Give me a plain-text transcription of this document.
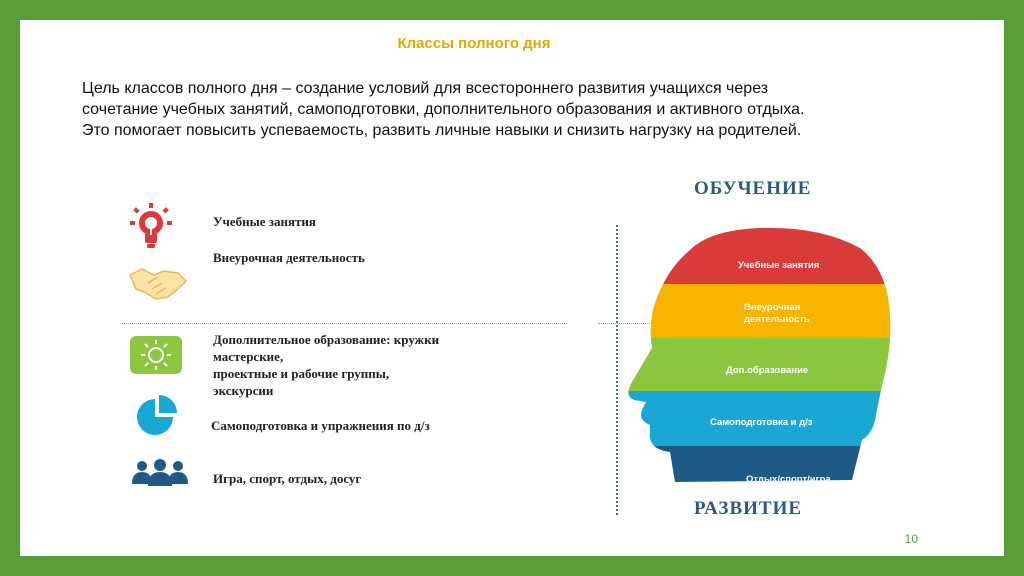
Классы полного дня

Цель классов полного дня – создание условий для всестороннего развития учащихся через

сочетание учебных занятий, самоподготовки, дополнительного образования и активного отдыха.

Это помогает повысить успеваемость, развить личные навыки и снизить нагрузку на родителей.

Учебные занятия
Внеурочная деятельность
Дополнительное образование: кружки
мастерские,
проектные и рабочие группы,
экскурсии
Самоподготовка и упражнения по д/з
Игра, спорт, отдых, досуг
ОБУЧЕНИЕ
РАЗВИТИЕ
Учебные занятия
Внеурочная
деятельность
Доп.образование
Самоподготовка и д/з
Отдых/спорт/игра
10
